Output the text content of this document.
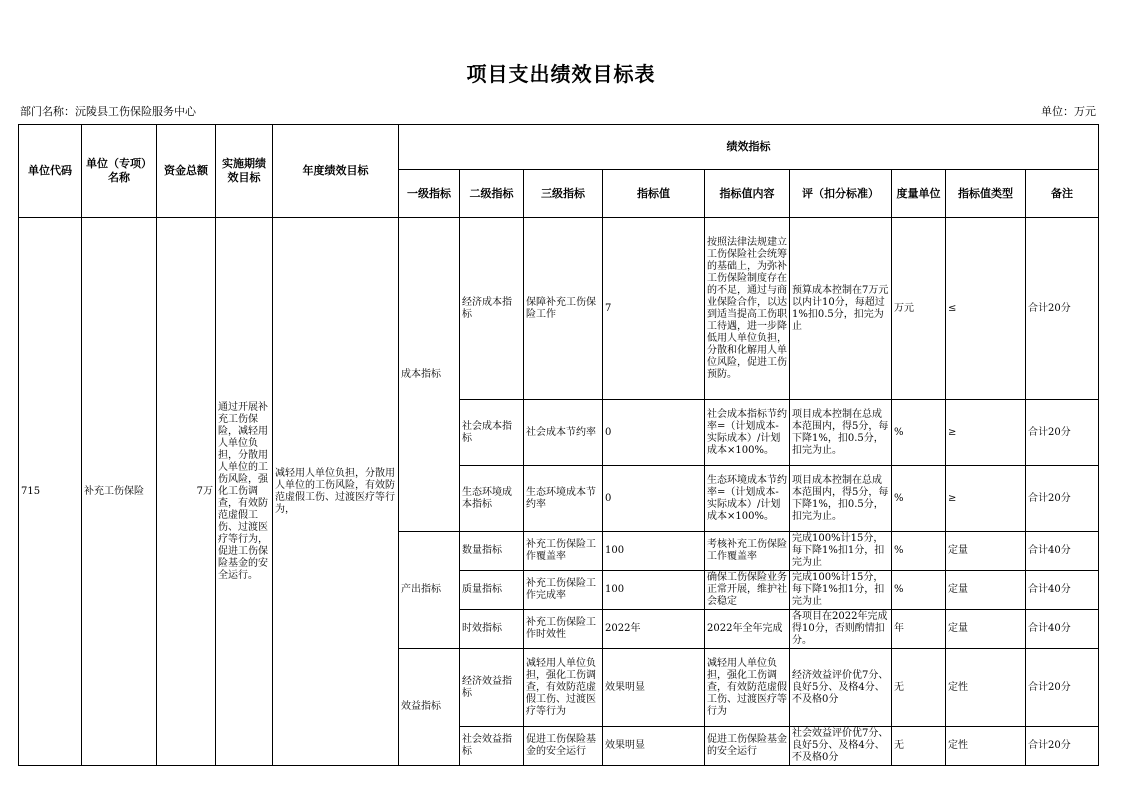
项目支出绩效目标表
部门名称：沅陵县工伤保险服务中心	单位：万元
单位代码	单位（专项）名称	资金总额	实施期绩效目标	年度绩效目标	绩效指标								
					一级指标	二级指标	三级指标	指标值	指标值内容	评（扣分标准）	度量单位	指标值类型	备注
715	补充工伤保险	7万	通过开展补充工伤保险，减轻用人单位负担，分散用人单位的工伤风险，强化工伤调查，有效防范虚假工伤、过渡医疗等行为，促进工伤保险基金的安全运行。	减轻用人单位负担，分散用人单位的工伤风险，有效防范虚假工伤、过渡医疗等行为，	成本指标	经济成本指标	保障补充工伤保险工作	7	按照法律法规建立工伤保险社会统筹的基础上，为弥补工伤保险制度存在的不足，通过与商业保险合作，以达到适当提高工伤职工待遇，进一步降低用人单位负担，分散和化解用人单位风险，促进工伤预防。	预算成本控制在7万元以内计10分，每超过1%扣0.5分，扣完为止	万元	≤	合计20分
						社会成本指标	社会成本节约率	0	社会成本指标节约率=（计划成本-实际成本）/计划成本×100%。	项目成本控制在总成本范围内，得5分，每下降1%，扣0.5分，扣完为止。	%	≥	合计20分
						生态环境成本指标	生态环境成本节约率	0	生态环境成本节约率=（计划成本-实际成本）/计划成本×100%。	项目成本控制在总成本范围内，得5分，每下降1%，扣0.5分，扣完为止。	%	≥	合计20分
					产出指标	数量指标	补充工伤保险工作覆盖率	100	考核补充工伤保险工作覆盖率	完成100%计15分，每下降1%扣1分，扣完为止	%	定量	合计40分
						质量指标	补充工伤保险工作完成率	100	确保工伤保险业务正常开展，维护社会稳定	完成100%计15分，每下降1%扣1分，扣完为止	%	定量	合计40分
						时效指标	补充工伤保险工作时效性	2022年	2022年全年完成	各项目在2022年完成得10分，否则酌情扣分。	年	定量	合计40分
					效益指标	经济效益指标	减轻用人单位负担，强化工伤调查，有效防范虚假工伤、过渡医疗等行为	效果明显	减轻用人单位负担，强化工伤调查，有效防范虚假工伤、过渡医疗等行为	经济效益评价优7分、良好5分、及格4分、不及格0分	无	定性	合计20分
						社会效益指标	促进工伤保险基金的安全运行	效果明显	促进工伤保险基金的安全运行	社会效益评价优7分、良好5分、及格4分、不及格0分	无	定性	合计20分
